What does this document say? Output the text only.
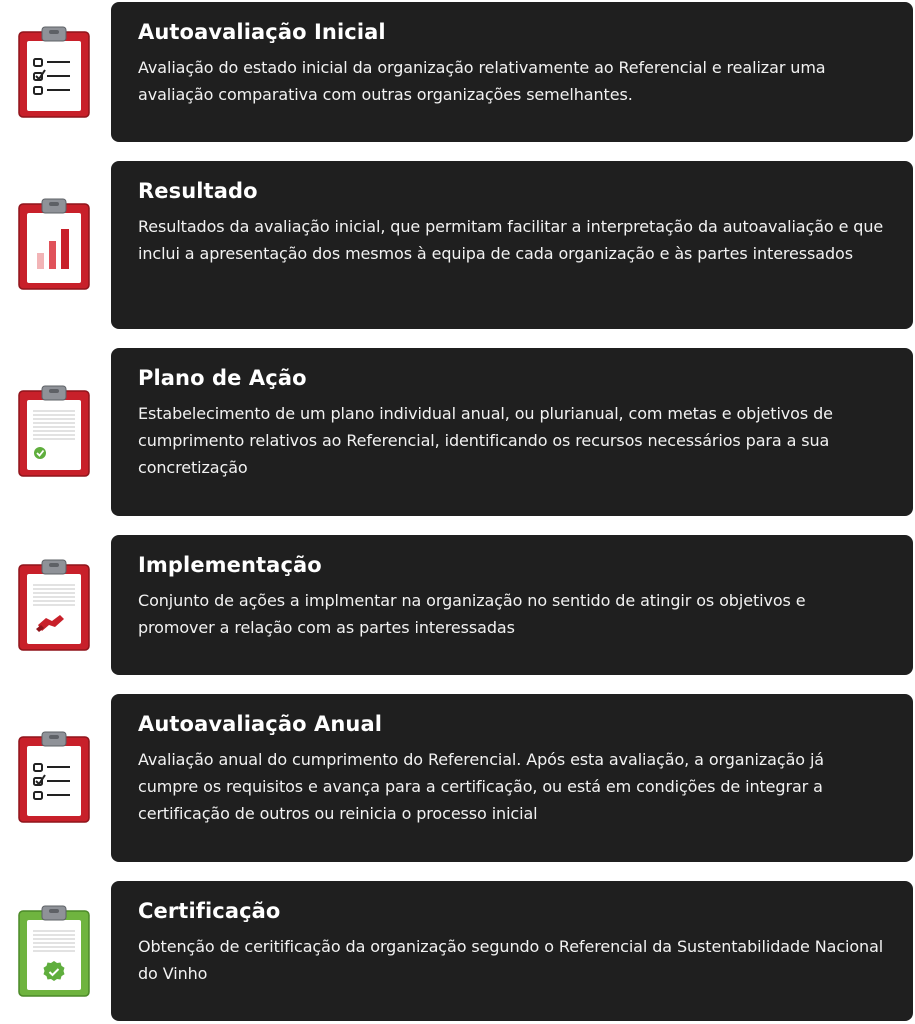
Autoavaliação Inicial

Avaliação do estado inicial da organização relativamente ao Referencial e realizar uma avaliação comparativa com outras organizações semelhantes.

Resultado

Resultados da avaliação inicial, que permitam facilitar a interpretação da autoavaliação e que inclui a apresentação dos mesmos à equipa de cada organização e às partes interessados

Plano de Ação

Estabelecimento de um plano individual anual, ou plurianual, com metas e objetivos de cumprimento relativos ao Referencial, identificando os recursos necessários para a sua concretização

Implementação

Conjunto de ações a implmentar na organização no sentido de atingir os objetivos e promover a relação com as partes interessadas

Autoavaliação Anual

Avaliação anual do cumprimento do Referencial. Após esta avaliação, a organização já cumpre os requisitos e avança para a certificação, ou está em condições de integrar a certificação de outros ou reinicia o processo inicial

Certificação

Obtenção de ceritificação da organização segundo o Referencial da Sustentabilidade Nacional do Vinho
